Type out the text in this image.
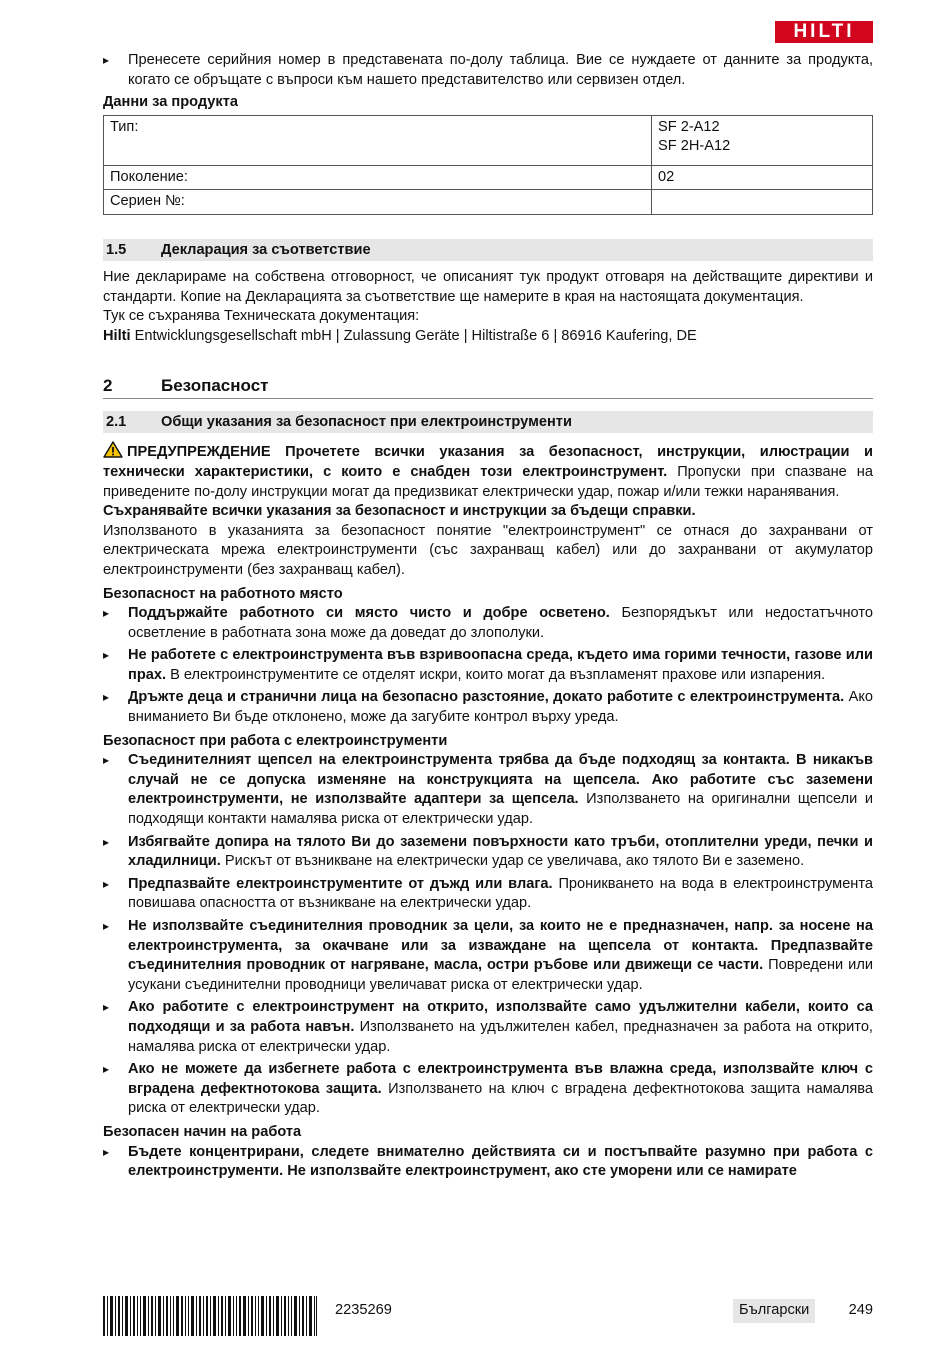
HILTI
▸ Пренесете серийния номер в представената по-долу таблица. Вие се нуждаете от данните за продукта, когато се обръщате с въпроси към нашето представителство или сервизен отдел.
Данни за продукта
Тип:	SF 2-A12
SF 2H-A12

Поколение:	02
Сериен №:	
1.5	Декларация за съответствие

Ние декларираме на собствена отговорност, че описаният тук продукт отговаря на действащите директиви и стандарти. Копие на Декларацията за съответствие ще намерите в края на настоящата документация.

Тук се съхранява Техническата документация:

Hilti Entwicklungsgesellschaft mbH | Zulassung Geräte | Hiltistraße 6 | 86916 Kaufering, DE

2	Безопасност
2.1	Общи указания за безопасност при електроинструменти

ПРЕДУПРЕЖДЕНИЕ Прочетете всички указания за безопасност, инструкции, илюстрации и технически характеристики, с които е снабден този електроинструмент. Пропуски при спазване на приведените по-долу инструкции могат да предизвикат електрически удар, пожар и/или тежки наранявания.

Съхранявайте всички указания за безопасност и инструкции за бъдещи справки.

Използваното в указанията за безопасност понятие "електроинструмент" се отнася до захранвани от електрическата мрежа електроинструменти (със захранващ кабел) или до захранвани от акумулатор електроинструменти (без захранващ кабел).

Безопасност на работното място
▸ Поддържайте работното си място чисто и добре осветено. Безпорядъкът или недостатъчното осветление в работната зона може да доведат до злополуки.
▸ Не работете с електроинструмента във взривоопасна среда, където има горими течности, газове или прах. В електроинструментите се отделят искри, които могат да възпламенят прахове или изпарения.
▸ Дръжте деца и странични лица на безопасно разстояние, докато работите с електроинструмента. Ако вниманието Ви бъде отклонено, може да загубите контрол върху уреда.
Безопасност при работа с електроинструменти
▸ Съединителният щепсел на електроинструмента трябва да бъде подходящ за контакта. В никакъв случай не се допуска изменяне на конструкцията на щепсела. Ако работите със заземени електроинструменти, не използвайте адаптери за щепсела. Използването на оригинални щепсели и подходящи контакти намалява риска от електрически удар.
▸ Избягвайте допира на тялото Ви до заземени повърхности като тръби, отоплителни уреди, печки и хладилници. Рискът от възникване на електрически удар се увеличава, ако тялото Ви е заземено.
▸ Предпазвайте електроинструментите от дъжд или влага. Проникването на вода в електроинструмента повишава опасността от възникване на електрически удар.
▸ Не използвайте съединителния проводник за цели, за които не е предназначен, напр. за носене на електроинструмента, за окачване или за изваждане на щепсела от контакта. Предпазвайте съединителния проводник от нагряване, масла, остри ръбове или движещи се части. Повредени или усукани съединителни проводници увеличават риска от електрически удар.
▸ Ако работите с електроинструмент на открито, използвайте само удължителни кабели, които са подходящи и за работа навън. Използването на удължителен кабел, предназначен за работа на открито, намалява риска от електрически удар.
▸ Ако не можете да избегнете работа с електроинструмента във влажна среда, използвайте ключ с вградена дефектнотокова защита. Използването на ключ с вградена дефектнотокова защита намалява риска от електрически удар.
Безопасен начин на работа
▸ Бъдете концентрирани, следете внимателно действията си и постъпвайте разумно при работа с електроинструменти. Не използвайте електроинструмент, ако сте уморени или се намирате
2235269	Български	249
